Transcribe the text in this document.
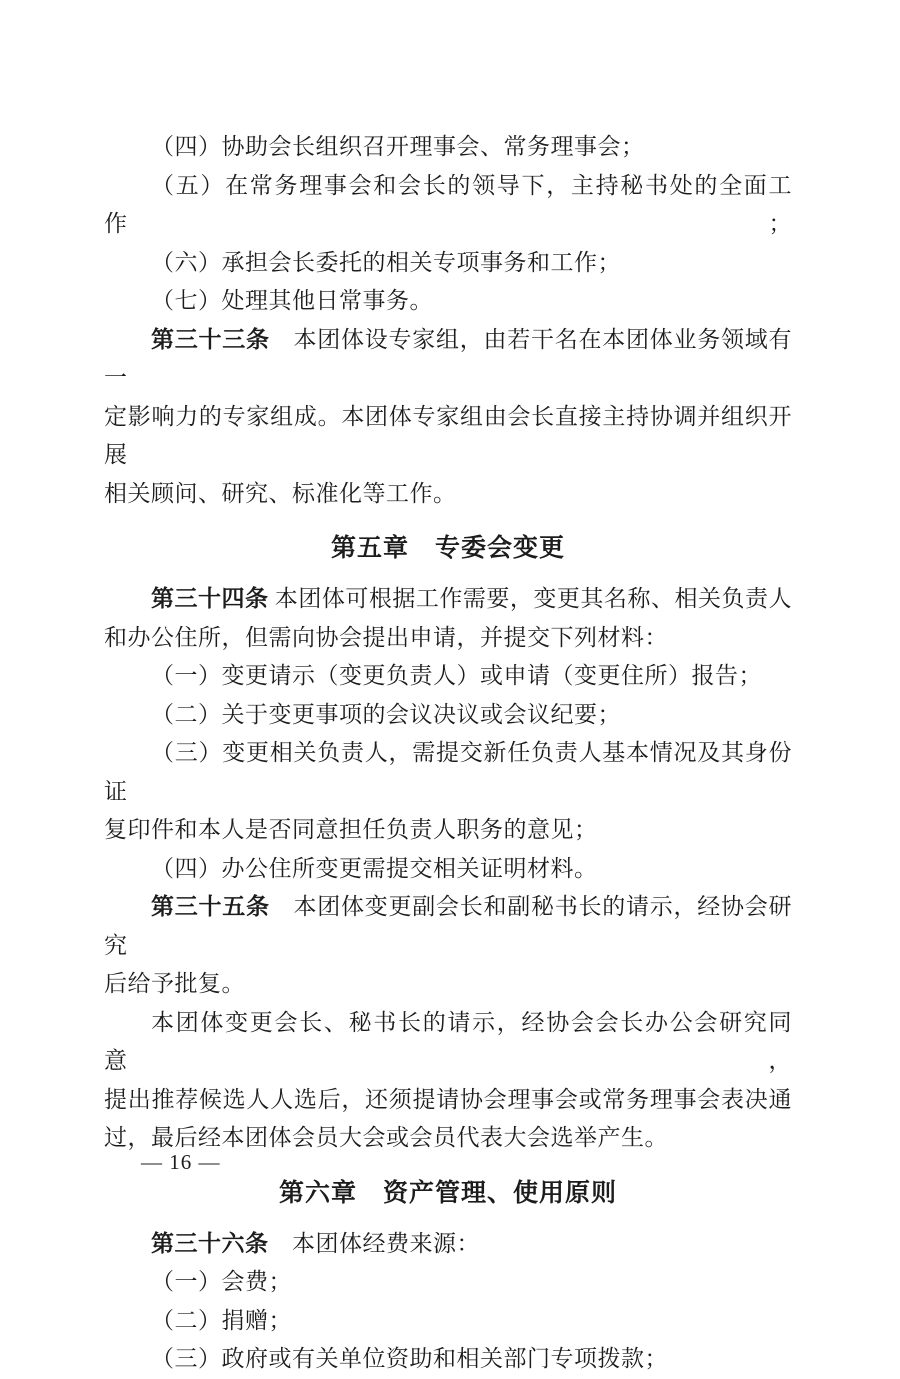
（四）协助会长组织召开理事会、常务理事会；
（五）在常务理事会和会长的领导下，主持秘书处的全面工作；
（六）承担会长委托的相关专项事务和工作；
（七）处理其他日常事务。
第三十三条　本团体设专家组，由若干名在本团体业务领域有一
定影响力的专家组成。本团体专家组由会长直接主持协调并组织开展
相关顾问、研究、标准化等工作。
第五章　专委会变更
第三十四条 本团体可根据工作需要，变更其名称、相关负责人
和办公住所，但需向协会提出申请，并提交下列材料：
（一）变更请示（变更负责人）或申请（变更住所）报告；
（二）关于变更事项的会议决议或会议纪要；
（三）变更相关负责人，需提交新任负责人基本情况及其身份证
复印件和本人是否同意担任负责人职务的意见；
（四）办公住所变更需提交相关证明材料。
第三十五条　本团体变更副会长和副秘书长的请示，经协会研究
后给予批复。
本团体变更会长、秘书长的请示，经协会会长办公会研究同意，
提出推荐候选人人选后，还须提请协会理事会或常务理事会表决通
过，最后经本团体会员大会或会员代表大会选举产生。
第六章　资产管理、使用原则
第三十六条　本团体经费来源：
（一）会费；
（二）捐赠；
（三）政府或有关单位资助和相关部门专项拨款；
— 16 —
